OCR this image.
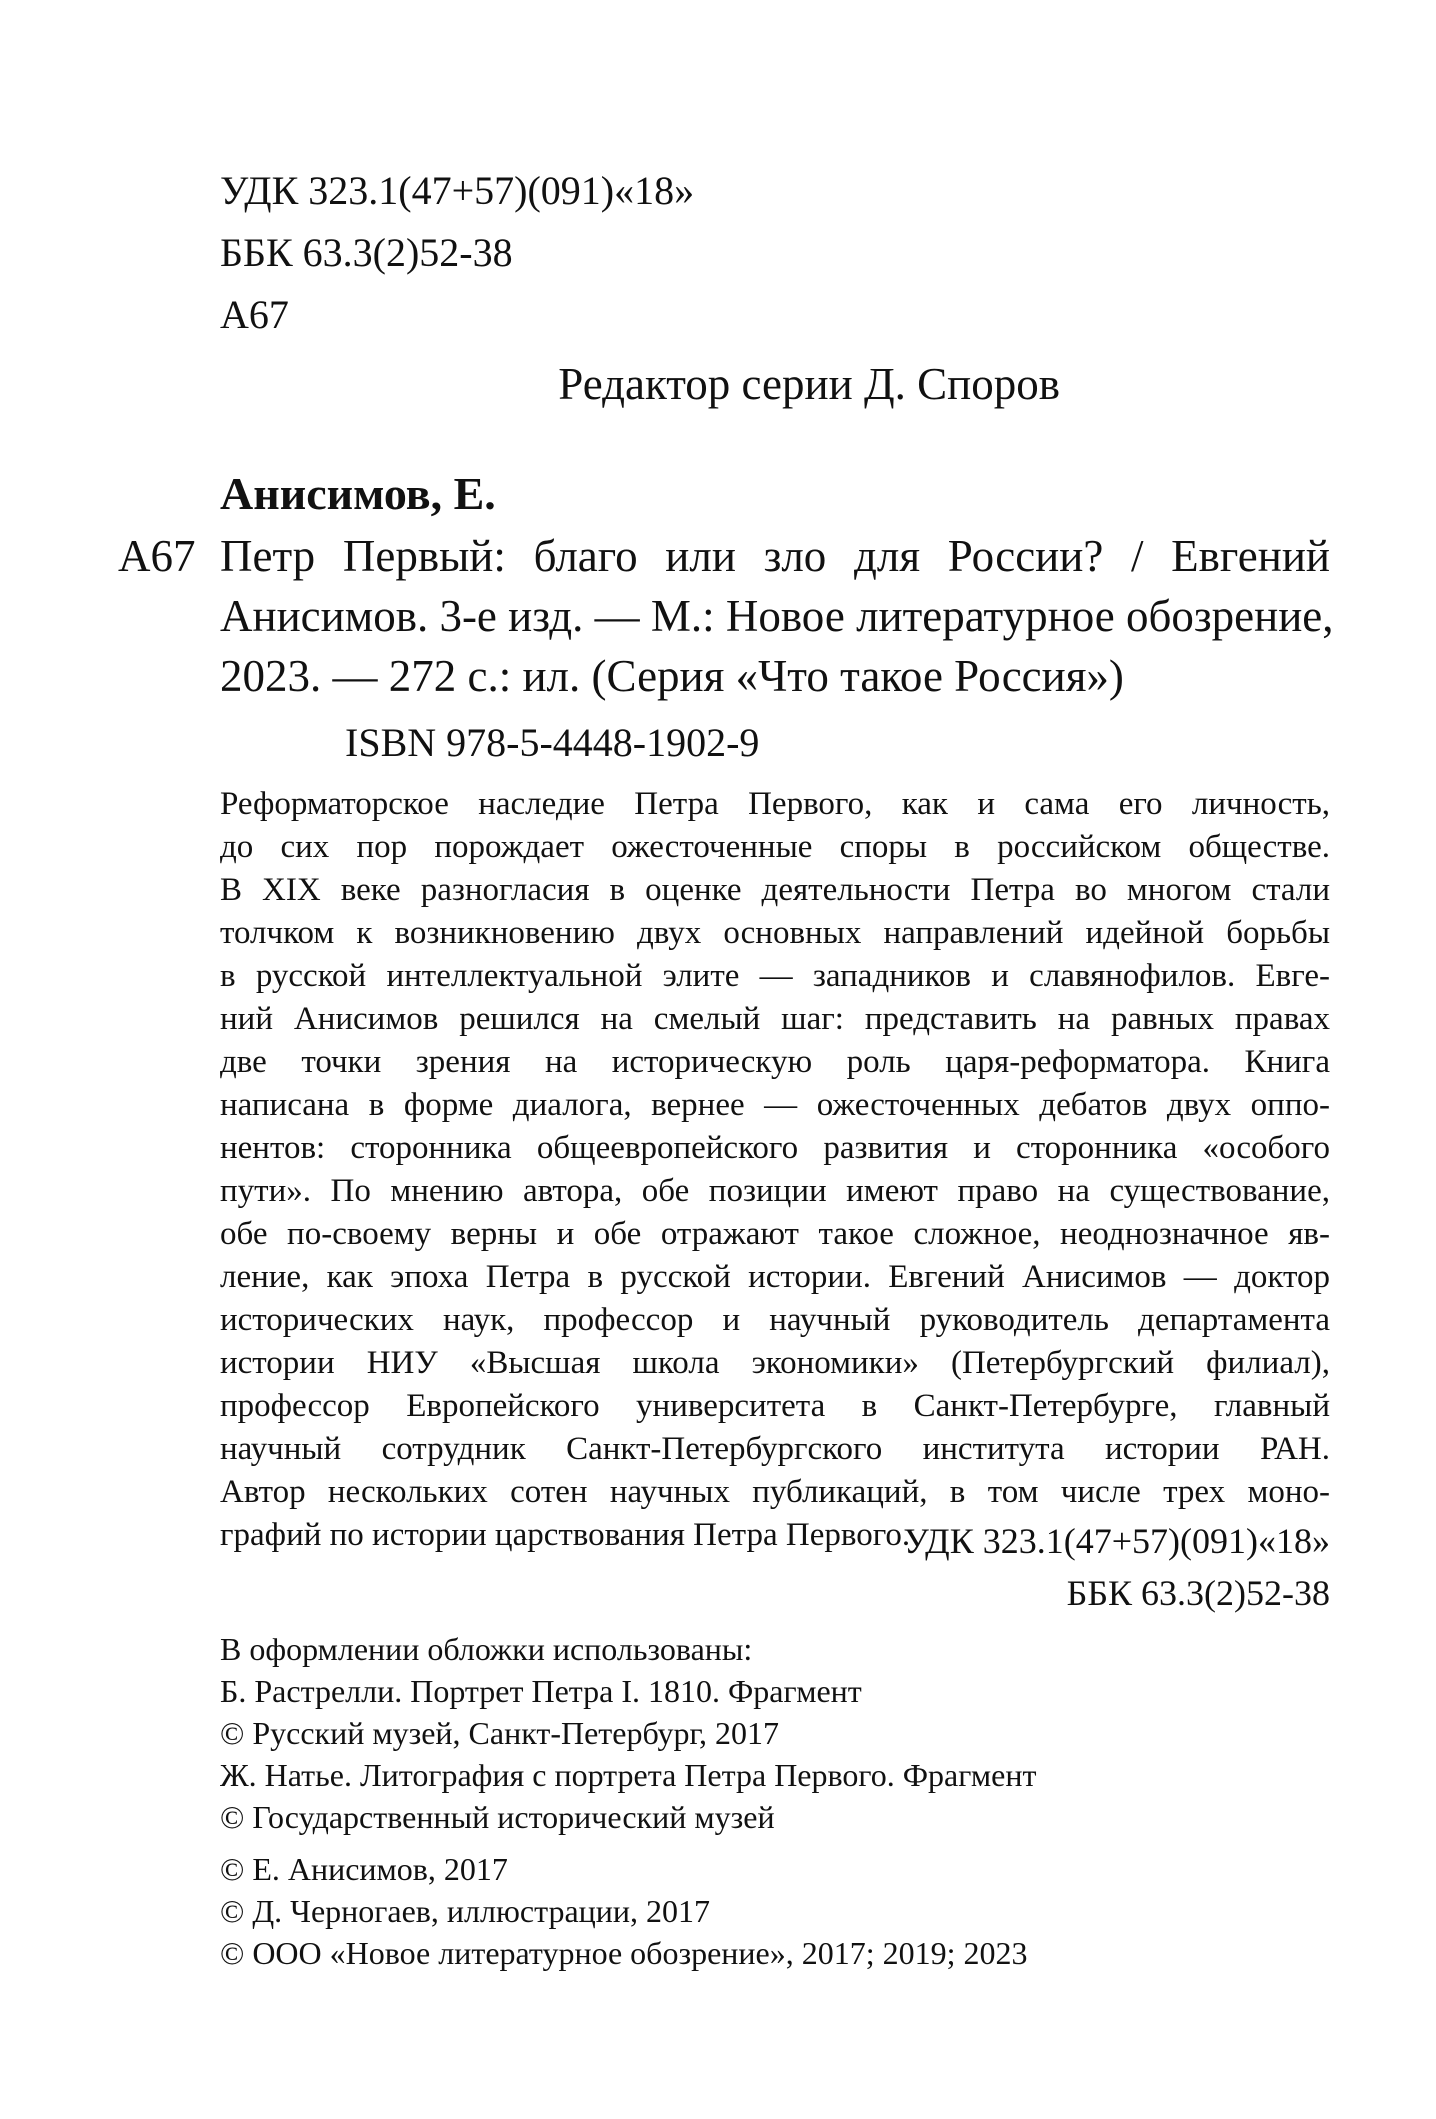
УДК 323.1(47+57)(091)«18»
ББК 63.3(2)52-38
А67
Редактор серии Д. Споров
Анисимов, Е.
А67 Петр Первый: благо или зло для России? / Евгений
Анисимов. 3-е изд. — М.: Новое литературное обозрение,
2023. — 272 с.: ил. (Серия «Что такое Россия»)
ISBN 978-5-4448-1902-9
Реформаторское наследие Петра Первого, как и сама его личность,
до сих пор порождает ожесточенные споры в российском обществе.
В XIX веке разногласия в оценке деятельности Петра во многом стали
толчком к возникновению двух основных направлений идейной борьбы
в русской интеллектуальной элите — западников и славянофилов. Евге-
ний Анисимов решился на смелый шаг: представить на равных правах
две точки зрения на историческую роль царя-реформатора. Книга
написана в форме диалога, вернее — ожесточенных дебатов двух оппо-
нентов: сторонника общеевропейского развития и сторонника «особого
пути». По мнению автора, обе позиции имеют право на существование,
обе по-своему верны и обе отражают такое сложное, неоднозначное яв-
ление, как эпоха Петра в русской истории. Евгений Анисимов — доктор
исторических наук, профессор и научный руководитель департамента
истории НИУ «Высшая школа экономики» (Петербургский филиал),
профессор Европейского университета в Санкт-Петербурге, главный
научный сотрудник Санкт-Петербургского института истории РАН.
Автор нескольких сотен научных публикаций, в том числе трех моно-
графий по истории царствования Петра Первого.
УДК 323.1(47+57)(091)«18»
ББК 63.3(2)52-38
В оформлении обложки использованы:
Б. Растрелли. Портрет Петра I. 1810. Фрагмент
© Русский музей, Санкт-Петербург, 2017
Ж. Натье. Литография с портрета Петра Первого. Фрагмент
© Государственный исторический музей
© Е. Анисимов, 2017
© Д. Черногаев, иллюстрации, 2017
© ООО «Новое литературное обозрение», 2017; 2019; 2023
